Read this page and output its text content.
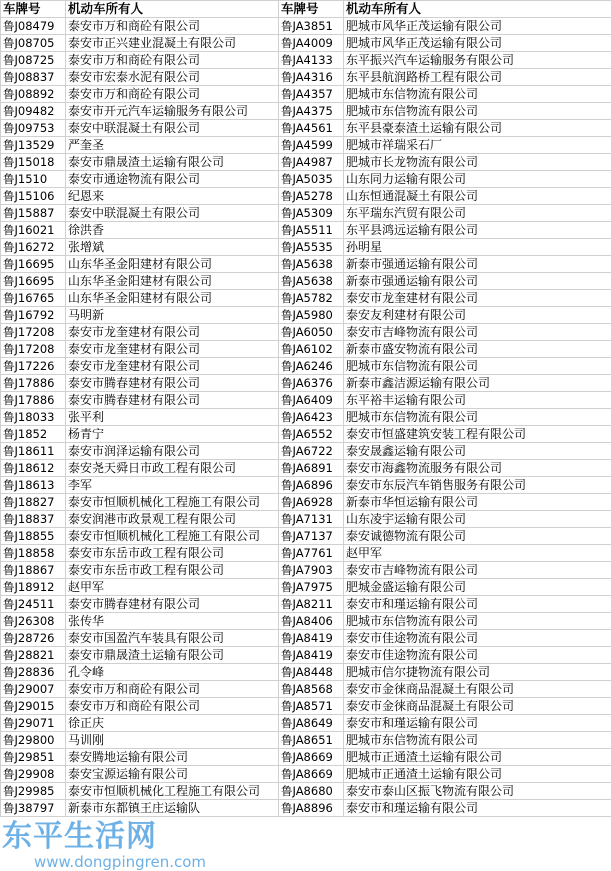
车牌号	机动车所有人	车牌号	机动车所有人
鲁J08479	泰安市万和商砼有限公司	鲁JA3851	肥城市风华正茂运输有限公司
鲁J08705	泰安市正兴建业混凝土有限公司	鲁JA4009	肥城市风华正茂运输有限公司
鲁J08725	泰安市万和商砼有限公司	鲁JA4133	东平振兴汽车运输服务有限公司
鲁J08837	泰安市宏泰水泥有限公司	鲁JA4316	东平县航润路桥工程有限公司
鲁J08892	泰安市万和商砼有限公司	鲁JA4357	肥城市东信物流有限公司
鲁J09482	泰安市开元汽车运输服务有限公司	鲁JA4375	肥城市东信物流有限公司
鲁J09753	泰安中联混凝土有限公司	鲁JA4561	东平县豪泰渣土运输有限公司
鲁J13529	严奎圣	鲁JA4599	肥城市祥瑞采石厂
鲁J15018	泰安市鼎晟渣土运输有限公司	鲁JA4987	肥城市长龙物流有限公司
鲁J1510	泰安市通途物流有限公司	鲁JA5035	山东同力运输有限公司
鲁J15106	纪恩来	鲁JA5278	山东恒通混凝土有限公司
鲁J15887	泰安中联混凝土有限公司	鲁JA5309	东平瑞东汽贸有限公司
鲁J16021	徐洪香	鲁JA5511	东平县鸿远运输有限公司
鲁J16272	张增斌	鲁JA5535	孙明星
鲁J16695	山东华圣金阳建材有限公司	鲁JA5638	新泰市强通运输有限公司
鲁J16695	山东华圣金阳建材有限公司	鲁JA5638	新泰市强通运输有限公司
鲁J16765	山东华圣金阳建材有限公司	鲁JA5782	泰安市龙奎建材有限公司
鲁J16792	马明新	鲁JA5980	泰安友利建材有限公司
鲁J17208	泰安市龙奎建材有限公司	鲁JA6050	泰安市吉峰物流有限公司
鲁J17208	泰安市龙奎建材有限公司	鲁JA6102	新泰市盛安物流有限公司
鲁J17226	泰安市龙奎建材有限公司	鲁JA6246	肥城市东信物流有限公司
鲁J17886	泰安市腾春建材有限公司	鲁JA6376	新泰市鑫洁源运输有限公司
鲁J17886	泰安市腾春建材有限公司	鲁JA6409	东平裕丰运输有限公司
鲁J18033	张平利	鲁JA6423	肥城市东信物流有限公司
鲁J1852	杨青宁	鲁JA6552	泰安市恒盛建筑安装工程有限公司
鲁J18611	泰安市润泽运输有限公司	鲁JA6722	泰安晟鑫运输有限公司
鲁J18612	泰安尧天舜日市政工程有限公司	鲁JA6891	泰安市海鑫物流服务有限公司
鲁J18613	李军	鲁JA6896	泰安市东辰汽车销售服务有限公司
鲁J18827	泰安市恒顺机械化工程施工有限公司	鲁JA6928	新泰市华恒运输有限公司
鲁J18837	泰安润港市政景观工程有限公司	鲁JA7131	山东凌宇运输有限公司
鲁J18855	泰安市恒顺机械化工程施工有限公司	鲁JA7137	泰安诚德物流有限公司
鲁J18858	泰安市东岳市政工程有限公司	鲁JA7761	赵甲军
鲁J18867	泰安市东岳市政工程有限公司	鲁JA7903	泰安市吉峰物流有限公司
鲁J18912	赵甲军	鲁JA7975	肥城金盛运输有限公司
鲁J24511	泰安市腾春建材有限公司	鲁JA8211	泰安市和瑾运输有限公司
鲁J26308	张传华	鲁JA8406	肥城市东信物流有限公司
鲁J28726	泰安市国盈汽车装具有限公司	鲁JA8419	泰安市佳途物流有限公司
鲁J28821	泰安市鼎晟渣土运输有限公司	鲁JA8419	泰安市佳途物流有限公司
鲁J28836	孔令峰	鲁JA8448	肥城市信尔捷物流有限公司
鲁J29007	泰安市万和商砼有限公司	鲁JA8568	泰安市金徕商品混凝土有限公司
鲁J29015	泰安市万和商砼有限公司	鲁JA8571	泰安市金徕商品混凝土有限公司
鲁J29071	徐正庆	鲁JA8649	泰安市和瑾运输有限公司
鲁J29800	马训刚	鲁JA8651	肥城市东信物流有限公司
鲁J29851	泰安腾地运输有限公司	鲁JA8669	肥城市正通渣土运输有限公司
鲁J29908	泰安宝源运输有限公司	鲁JA8669	肥城市正通渣土运输有限公司
鲁J29985	泰安市恒顺机械化工程施工有限公司	鲁JA8680	泰安市泰山区振飞物流有限公司
鲁J38797	新泰市东都镇王庄运输队	鲁JA8896	泰安市和瑾运输有限公司
东平生活网
www.dongpingren.com
